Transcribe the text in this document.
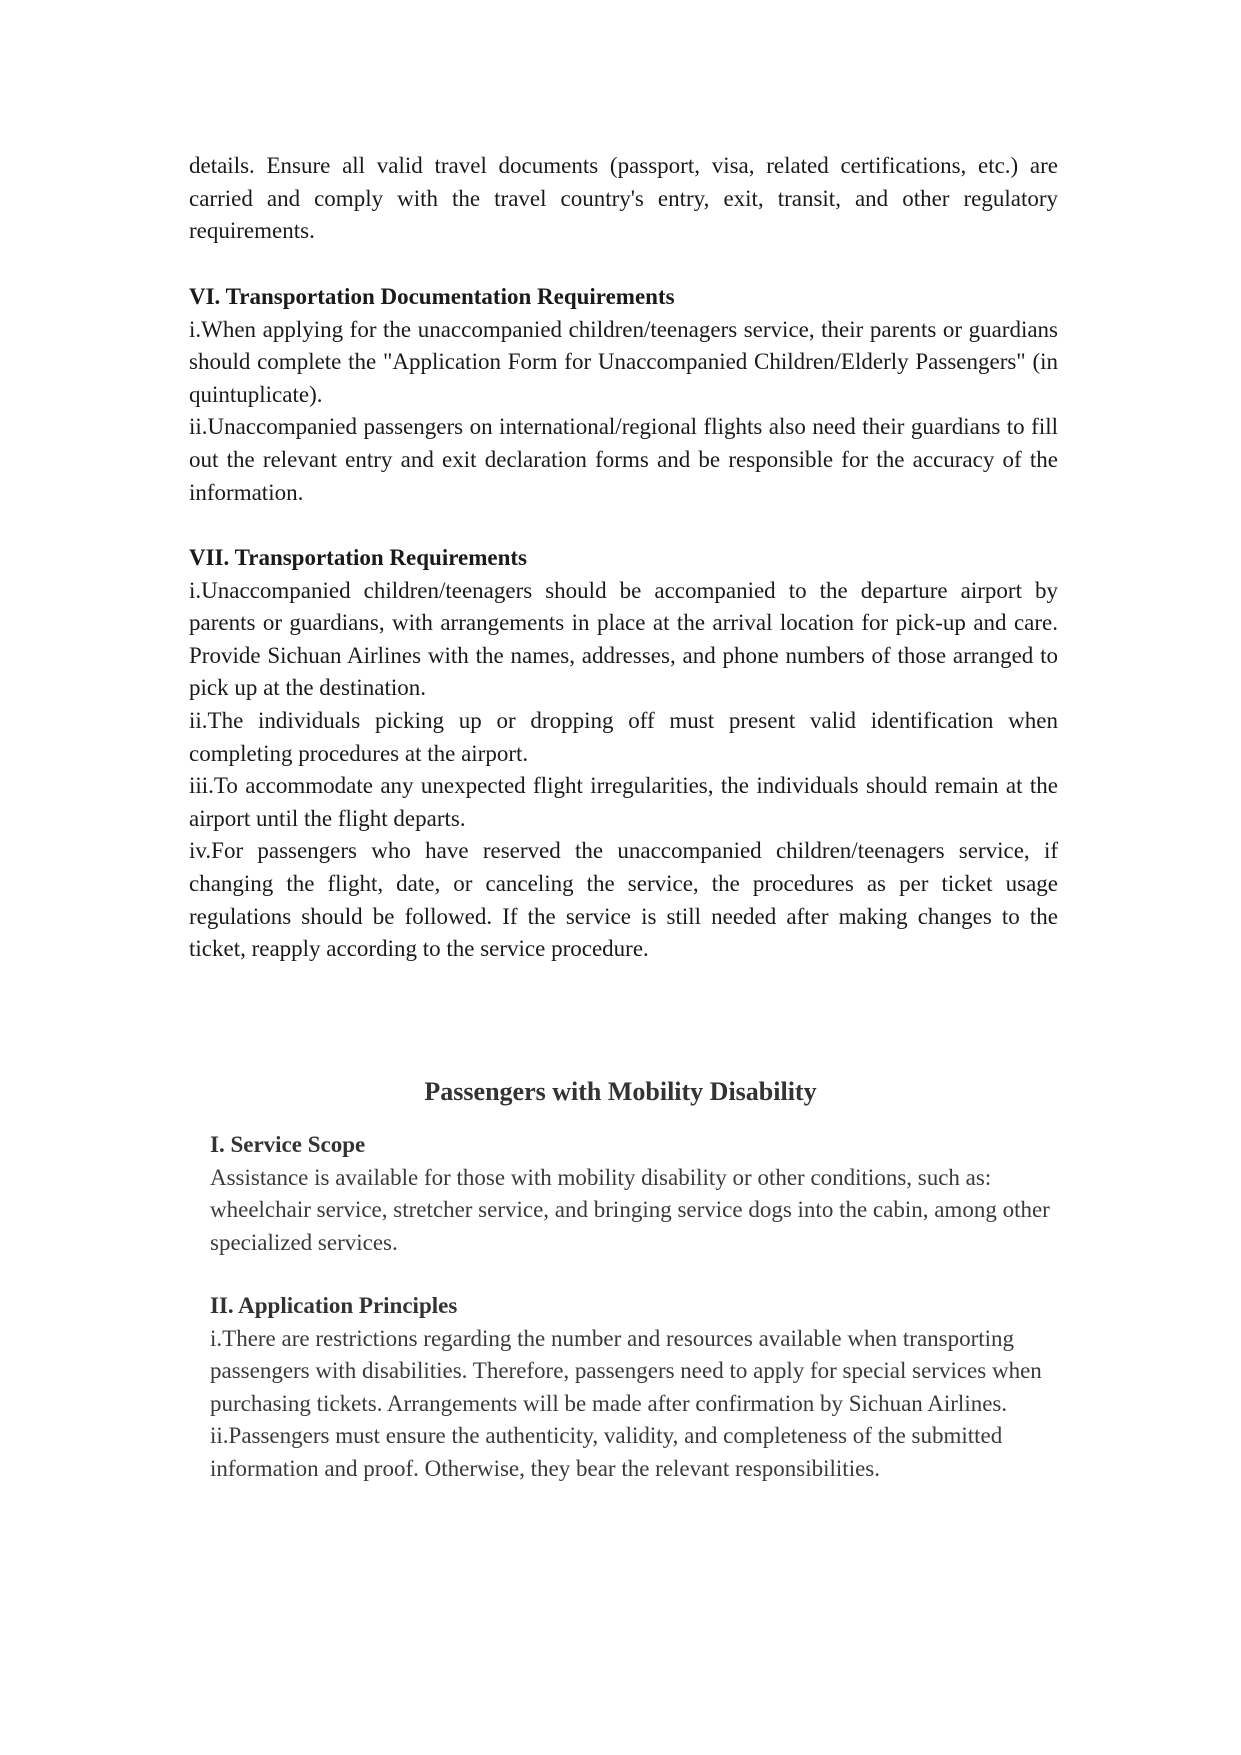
details. Ensure all valid travel documents (passport, visa, related certifications, etc.) are carried and comply with the travel country's entry, exit, transit, and other regulatory requirements.

VI. Transportation Documentation Requirements

i.When applying for the unaccompanied children/teenagers service, their parents or guardians should complete the "Application Form for Unaccompanied Children/Elderly Passengers" (in quintuplicate).

ii.Unaccompanied passengers on international/regional flights also need their guardians to fill out the relevant entry and exit declaration forms and be responsible for the accuracy of the information.

VII. Transportation Requirements

i.Unaccompanied children/teenagers should be accompanied to the departure airport by parents or guardians, with arrangements in place at the arrival location for pick-up and care. Provide Sichuan Airlines with the names, addresses, and phone numbers of those arranged to pick up at the destination.

ii.The individuals picking up or dropping off must present valid identification when completing procedures at the airport.

iii.To accommodate any unexpected flight irregularities, the individuals should remain at the airport until the flight departs.

iv.For passengers who have reserved the unaccompanied children/teenagers service, if changing the flight, date, or canceling the service, the procedures as per ticket usage regulations should be followed. If the service is still needed after making changes to the ticket, reapply according to the service procedure.

Passengers with Mobility Disability
I. Service Scope

Assistance is available for those with mobility disability or other conditions, such as: wheelchair service, stretcher service, and bringing service dogs into the cabin, among other specialized services.

II. Application Principles

i.There are restrictions regarding the number and resources available when transporting passengers with disabilities. Therefore, passengers need to apply for special services when purchasing tickets. Arrangements will be made after confirmation by Sichuan Airlines.

ii.Passengers must ensure the authenticity, validity, and completeness of the submitted information and proof. Otherwise, they bear the relevant responsibilities.
